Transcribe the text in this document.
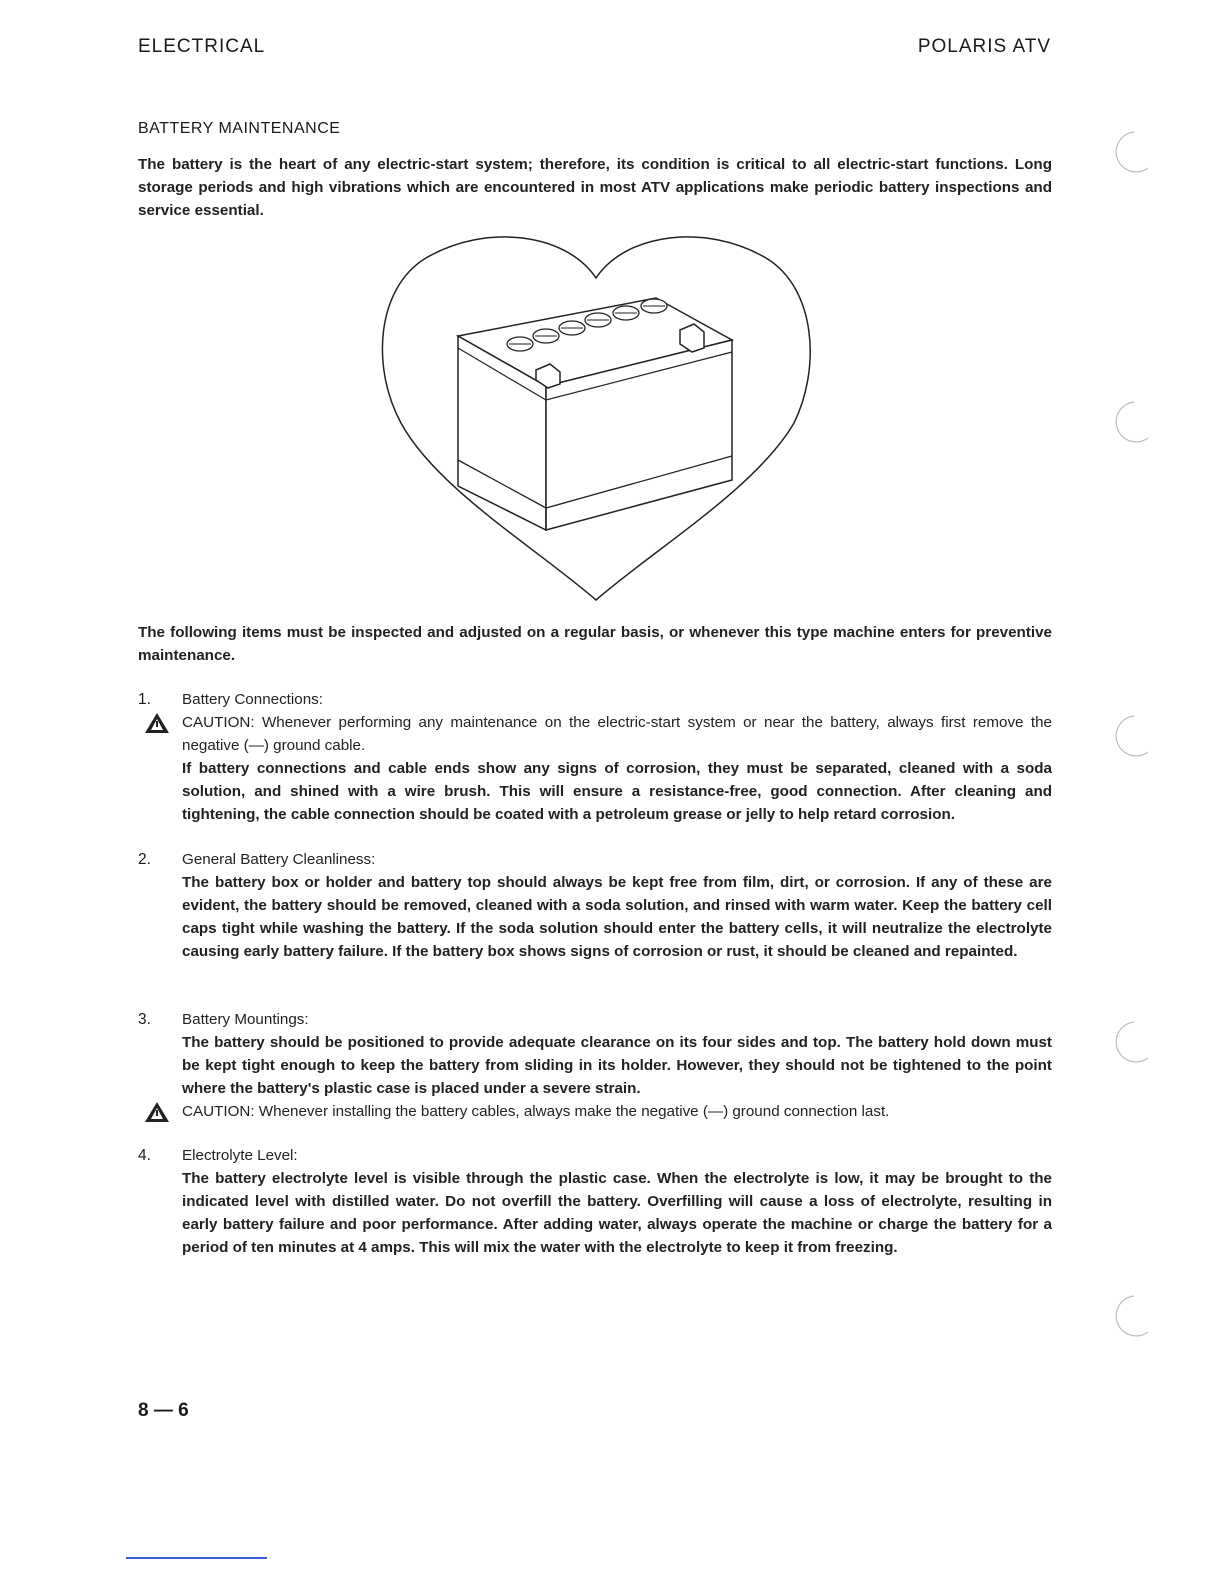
ELECTRICAL	POLARIS ATV
BATTERY MAINTENANCE
The battery is the heart of any electric-start system; therefore, its condition is critical to all electric-start functions. Long storage periods and high vibrations which are encountered in most ATV applications make periodic battery inspections and service essential.
The following items must be inspected and adjusted on a regular basis, or whenever this type machine enters for preventive maintenance.
1. Battery Connections:
CAUTION: Whenever performing any maintenance on the electric-start system or near the battery, always first remove the negative (—) ground cable.
If battery connections and cable ends show any signs of corrosion, they must be separated, cleaned with a soda solution, and shined with a wire brush. This will ensure a resistance-free, good connection. After cleaning and tightening, the cable connection should be coated with a petroleum grease or jelly to help retard corrosion.
2. General Battery Cleanliness:
The battery box or holder and battery top should always be kept free from film, dirt, or corrosion. If any of these are evident, the battery should be removed, cleaned with a soda solution, and rinsed with warm water. Keep the battery cell caps tight while washing the battery. If the soda solution should enter the battery cells, it will neutralize the electrolyte causing early battery failure. If the battery box shows signs of corrosion or rust, it should be cleaned and repainted.
3. Battery Mountings:
The battery should be positioned to provide adequate clearance on its four sides and top. The battery hold down must be kept tight enough to keep the battery from sliding in its holder. However, they should not be tightened to the point where the battery's plastic case is placed under a severe strain.
CAUTION: Whenever installing the battery cables, always make the negative (—) ground connection last.
4. Electrolyte Level:
The battery electrolyte level is visible through the plastic case. When the electrolyte is low, it may be brought to the indicated level with distilled water. Do not overfill the battery. Overfilling will cause a loss of electrolyte, resulting in early battery failure and poor performance. After adding water, always operate the machine or charge the battery for a period of ten minutes at 4 amps. This will mix the water with the electrolyte to keep it from freezing.
8 — 6
